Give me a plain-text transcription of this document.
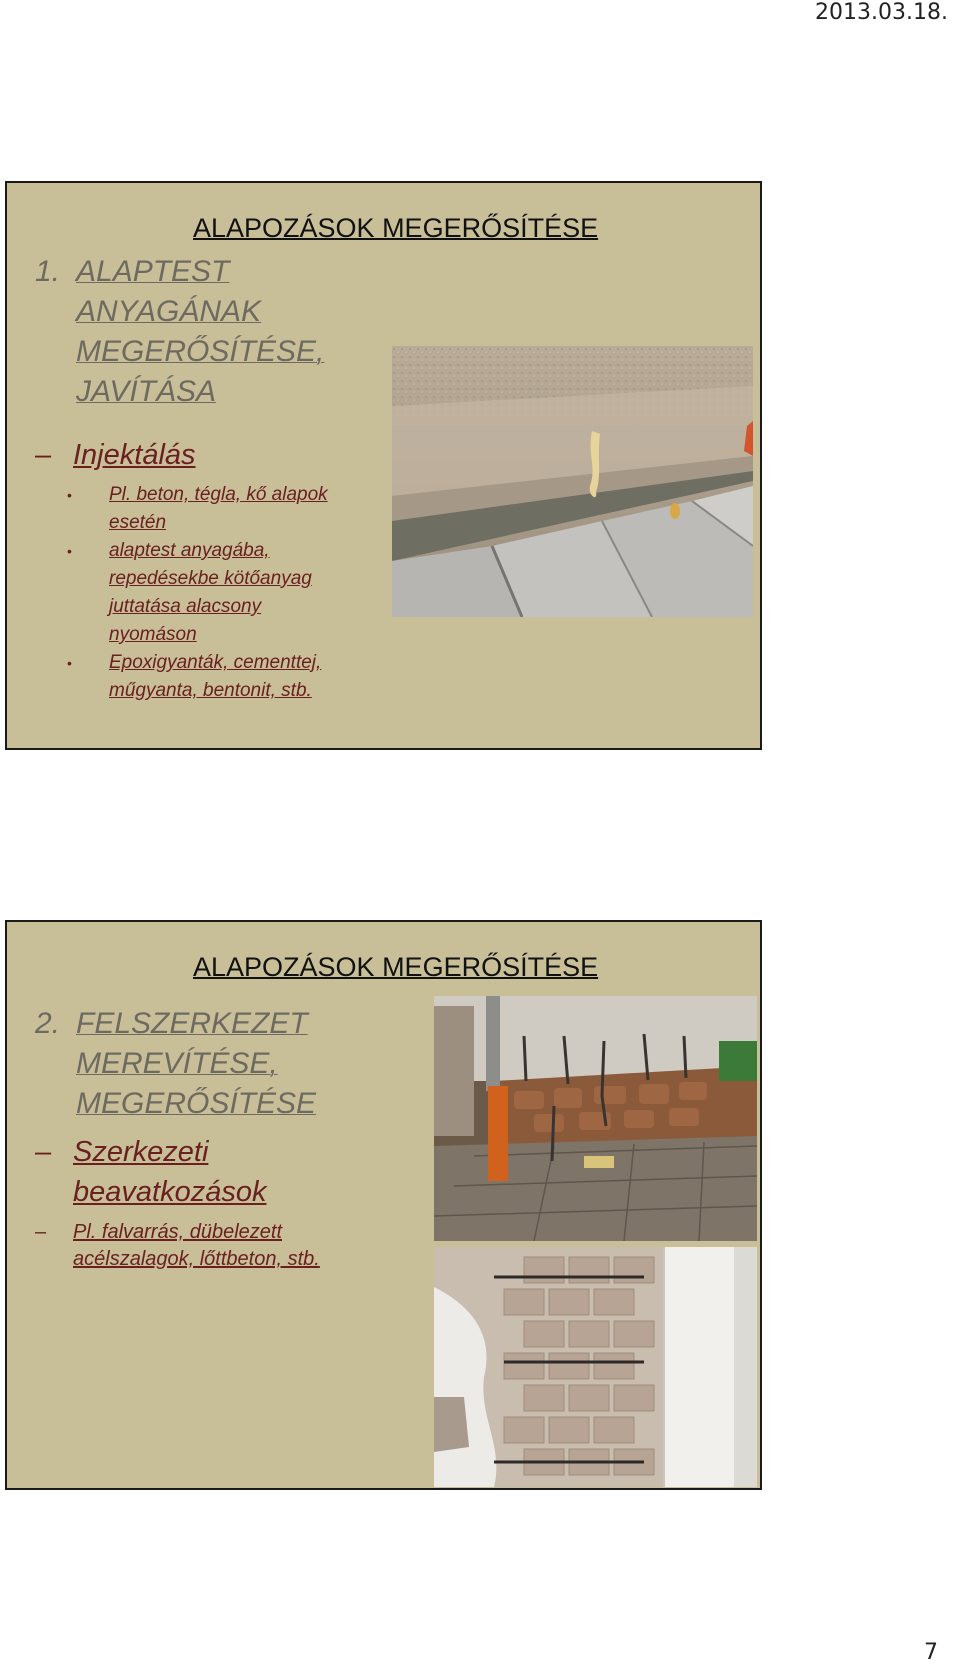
2013.03.18.
ALAPOZÁSOK MEGERŐSÍTÉSE
1. ALAPTEST
ANYAGÁNAK
MEGERŐSÍTÉSE,
JAVÍTÁSA
– Injektálás
• Pl. beton, tégla, kő alapok
esetén
• alaptest anyagába,
repedésekbe kötőanyag
juttatása alacsony
nyomáson
• Epoxigyanták, cementtej,
műgyanta, bentonit, stb.
ALAPOZÁSOK MEGERŐSÍTÉSE
2. FELSZERKEZET
MEREVÍTÉSE,
MEGERŐSÍTÉSE
– Szerkezeti
beavatkozások
– Pl. falvarrás, dübelezett
acélszalagok, lőttbeton, stb.
7
